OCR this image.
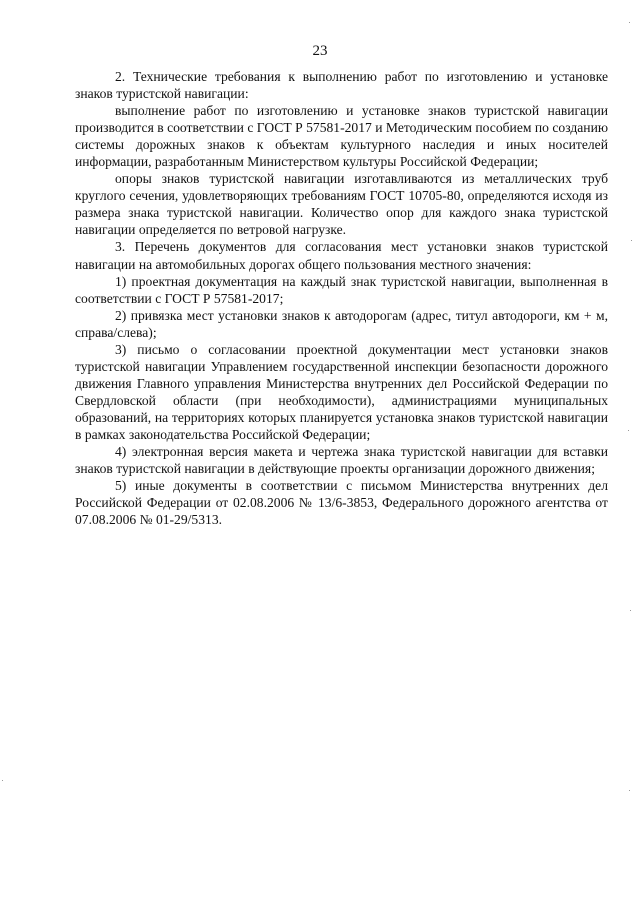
23

2. Технические требования к выполнению работ по изготовлению и установке знаков туристской навигации:

выполнение работ по изготовлению и установке знаков туристской навигации производится в соответствии с ГОСТ Р 57581-2017 и Методическим пособием по созданию системы дорожных знаков к объектам культурного наследия и иных носителей информации, разработанным Министерством культуры Российской Федерации;

опоры знаков туристской навигации изготавливаются из металлических труб круглого сечения, удовлетворяющих требованиям ГОСТ 10705-80, определяются исходя из размера знака туристской навигации. Количество опор для каждого знака туристской навигации определяется по ветровой нагрузке.

3. Перечень документов для согласования мест установки знаков туристской навигации на автомобильных дорогах общего пользования местного значения:

1) проектная документация на каждый знак туристской навигации, выполненная в соответствии с ГОСТ Р 57581-2017;

2) привязка мест установки знаков к автодорогам (адрес, титул автодороги, км + м, справа/слева);

3) письмо о согласовании проектной документации мест установки знаков туристской навигации Управлением государственной инспекции безопасности дорожного движения Главного управления Министерства внутренних дел Российской Федерации по Свердловской области (при необходимости), администрациями муниципальных образований, на территориях которых планируется установка знаков туристской навигации в рамках законодательства Российской Федерации;

4) электронная версия макета и чертежа знака туристской навигации для вставки знаков туристской навигации в действующие проекты организации дорожного движения;

5) иные документы в соответствии с письмом Министерства внутренних дел Российской Федерации от 02.08.2006 № 13/6-3853, Федерального дорожного агентства от 07.08.2006 № 01-29/5313.
